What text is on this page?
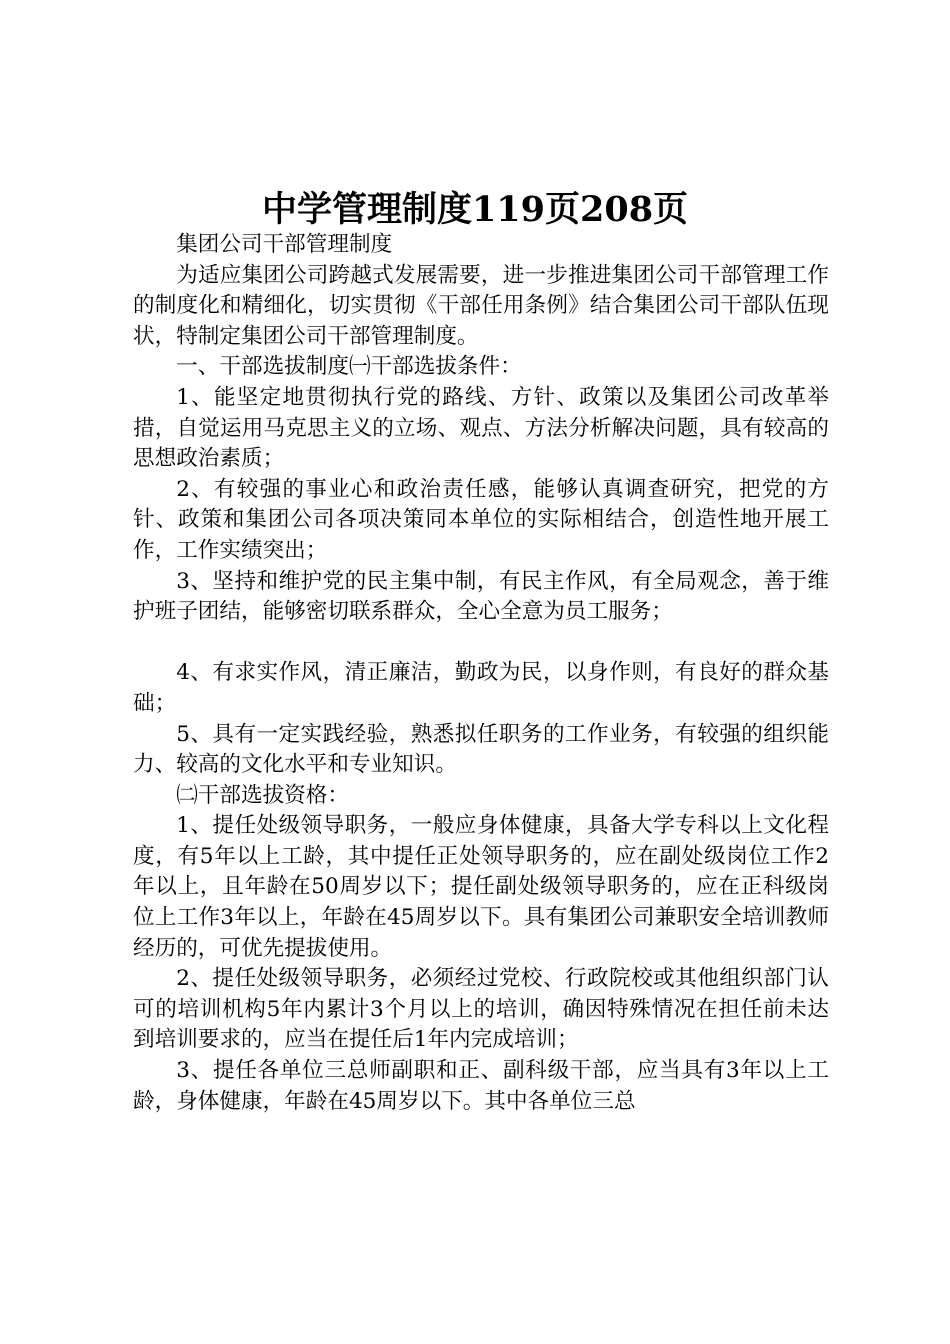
中学管理制度119页208页

集团公司干部管理制度

为适应集团公司跨越式发展需要，进一步推进集团公司干部管理工作的制度化和精细化，切实贯彻《干部任用条例》结合集团公司干部队伍现状，特制定集团公司干部管理制度。

一、干部选拔制度㈠干部选拔条件：

1、能坚定地贯彻执行党的路线、方针、政策以及集团公司改革举措，自觉运用马克思主义的立场、观点、方法分析解决问题，具有较高的思想政治素质；

2、有较强的事业心和政治责任感，能够认真调查研究，把党的方针、政策和集团公司各项决策同本单位的实际相结合，创造性地开展工作，工作实绩突出；

3、坚持和维护党的民主集中制，有民主作风，有全局观念，善于维护班子团结，能够密切联系群众，全心全意为员工服务；

4、有求实作风，清正廉洁，勤政为民，以身作则，有良好的群众基础；

5、具有一定实践经验，熟悉拟任职务的工作业务，有较强的组织能力、较高的文化水平和专业知识。

㈡干部选拔资格：

1、提任处级领导职务，一般应身体健康，具备大学专科以上文化程度，有5年以上工龄，其中提任正处领导职务的，应在副处级岗位工作2年以上，且年龄在50周岁以下；提任副处级领导职务的，应在正科级岗位上工作3年以上，年龄在45周岁以下。具有集团公司兼职安全培训教师经历的，可优先提拔使用。

2、提任处级领导职务，必须经过党校、行政院校或其他组织部门认可的培训机构5年内累计3个月以上的培训，确因特殊情况在担任前未达到培训要求的，应当在提任后1年内完成培训；

3、提任各单位三总师副职和正、副科级干部，应当具有3年以上工龄，身体健康，年龄在45周岁以下。其中各单位三总
